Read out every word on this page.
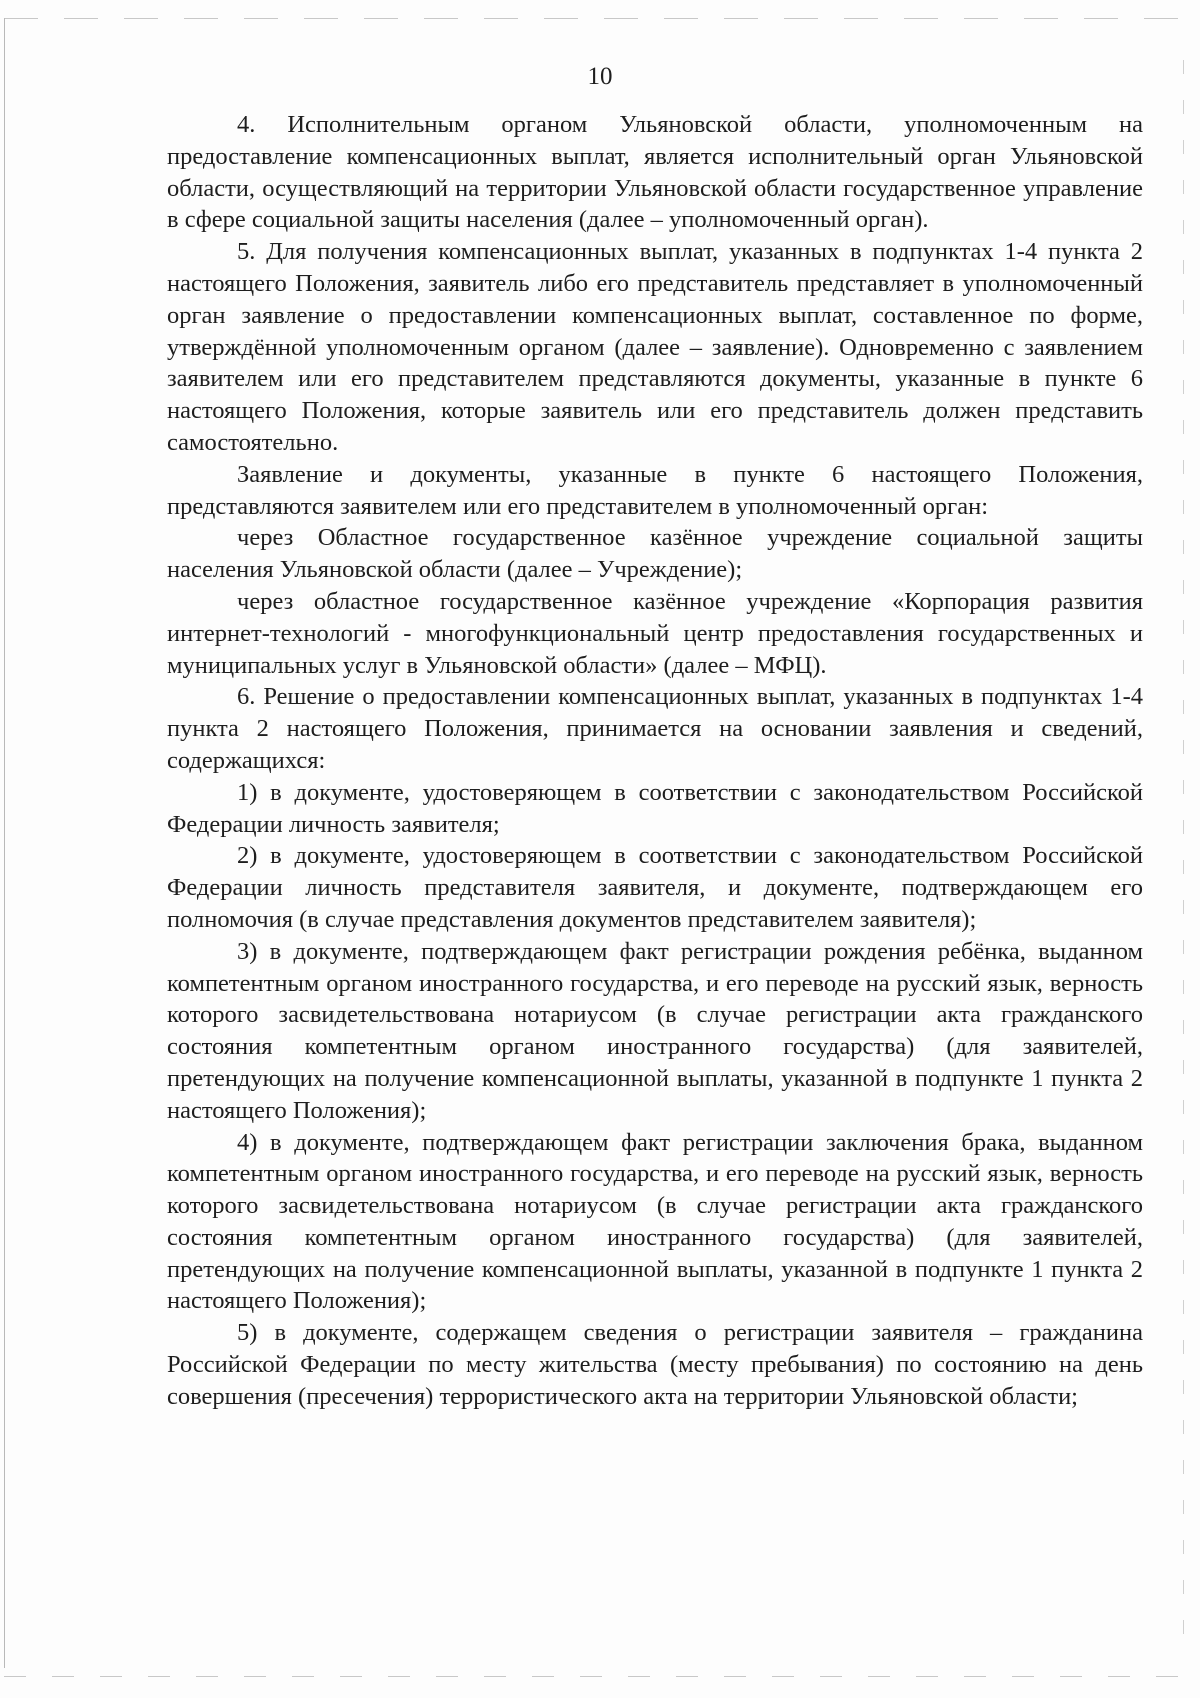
10

4. Исполнительным органом Ульяновской области, уполномоченным на предоставление компенсационных выплат, является исполнительный орган Ульяновской области, осуществляющий на территории Ульяновской области государственное управление в сфере социальной защиты населения (далее – уполномоченный орган).

5. Для получения компенсационных выплат, указанных в подпунктах 1-4 пункта 2 настоящего Положения, заявитель либо его представитель представляет в уполномоченный орган заявление о предоставлении компенсационных выплат, составленное по форме, утверждённой уполномоченным органом (далее – заявление). Одновременно с заявлением заявителем или его представителем представляются документы, указанные в пункте 6 настоящего Положения, которые заявитель или его представитель должен представить самостоятельно.

Заявление и документы, указанные в пункте 6 настоящего Положения, представляются заявителем или его представителем в уполномоченный орган:

через Областное государственное казённое учреждение социальной защиты населения Ульяновской области (далее – Учреждение);

через областное государственное казённое учреждение «Корпорация развития интернет-технологий - многофункциональный центр предоставления государственных и муниципальных услуг в Ульяновской области» (далее – МФЦ).

6. Решение о предоставлении компенсационных выплат, указанных в подпунктах 1-4 пункта 2 настоящего Положения, принимается на основании заявления и сведений, содержащихся:

1) в документе, удостоверяющем в соответствии с законодательством Российской Федерации личность заявителя;

2) в документе, удостоверяющем в соответствии с законодательством Российской Федерации личность представителя заявителя, и документе, подтверждающем его полномочия (в случае представления документов представителем заявителя);

3) в документе, подтверждающем факт регистрации рождения ребёнка, выданном компетентным органом иностранного государства, и его переводе на русский язык, верность которого засвидетельствована нотариусом (в случае регистрации акта гражданского состояния компетентным органом иностранного государства) (для заявителей, претендующих на получение компенсационной выплаты, указанной в подпункте 1 пункта 2 настоящего Положения);

4) в документе, подтверждающем факт регистрации заключения брака, выданном компетентным органом иностранного государства, и его переводе на русский язык, верность которого засвидетельствована нотариусом (в случае регистрации акта гражданского состояния компетентным органом иностранного государства) (для заявителей, претендующих на получение компенсационной выплаты, указанной в подпункте 1 пункта 2 настоящего Положения);

5) в документе, содержащем сведения о регистрации заявителя – гражданина Российской Федерации по месту жительства (месту пребывания) по состоянию на день совершения (пресечения) террористического акта на территории Ульяновской области;
